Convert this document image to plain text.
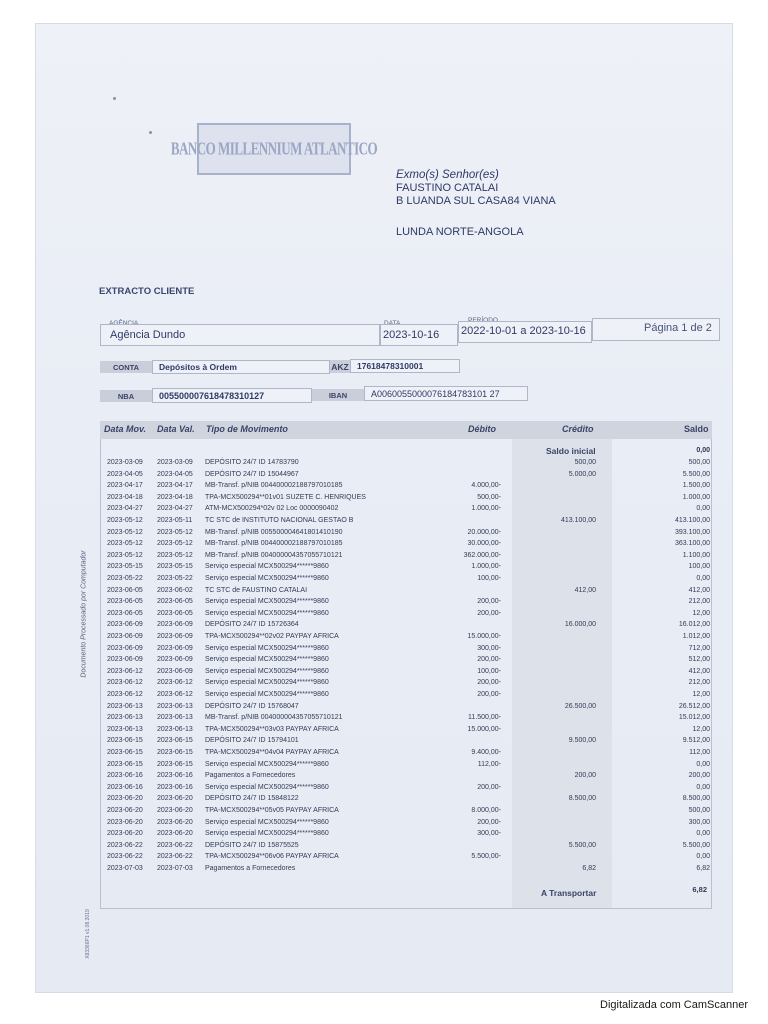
BANCO MILLENNIUM ATLANTICO
Exmo(s) Senhor(es)
FAUSTINO CATALAI
B LUANDA SUL CASA84 VIANA
LUNDA NORTE-ANGOLA
EXTRACTO CLIENTE
Agência Dundo	2023-10-16 2022-10-01 a 2023-10-16	Página 1 de 2
CONTA	Depósitos à Ordem	AKZ 17618478310001
NBA	005500007618478310127	IBAN	A0060055000076184783101 27
Data Mov. Data Val. Tipo de Movimento	Débito	Crédito	Saldo
Saldo inicial	0,00
2023-03-09 2023-03-09 DEPÓSITO 24/7 ID 14783790	500,00	500,00
2023-04-05 2023-04-05 DEPÓSITO 24/7 ID 15044967	5.000,00	5.500,00
2023-04-17 2023-04-17 MB-Transf. p/NIB 004400002188797010185	4.000,00-	1.500,00
2023-04-18 2023-04-18 TPA-MCX500294**01v01 SUZETE C. HENRIQUES	500,00-	1.000,00
2023-04-27 2023-04-27 ATM-MCX500294*02v 02 Loc 0000090402	1.000,00-	0,00
2023-05-12 2023-05-11 TC STC de INSTITUTO NACIONAL GESTAO B	413.100,00	413.100,00
2023-05-12 2023-05-12 MB-Transf. p/NIB 005500004641801410190	20.000,00-	393.100,00
2023-05-12 2023-05-12 MB-Transf. p/NIB 004400002188797010185	30.000,00-	363.100,00
2023-05-12 2023-05-12 MB-Transf. p/NIB 004000004357055710121	362.000,00-	1.100,00
2023-05-15 2023-05-15 Serviço especial MCX500294******9860	1.000,00-	100,00
2023-05-22 2023-05-22 Serviço especial MCX500294******9860	100,00-	0,00
2023-06-05 2023-06-02 TC STC de FAUSTINO CATALAI	412,00	412,00
2023-06-05 2023-06-05 Serviço especial MCX500294******9860	200,00-	212,00
2023-06-05 2023-06-05 Serviço especial MCX500294******9860	200,00-	12,00
2023-06-09 2023-06-09 DEPÓSITO 24/7 ID 15726364	16.000,00	16.012,00
2023-06-09 2023-06-09 TPA-MCX500294**02v02 PAYPAY AFRICA	15.000,00-	1.012,00
2023-06-09 2023-06-09 Serviço especial MCX500294******9860	300,00-	712,00
2023-06-09 2023-06-09 Serviço especial MCX500294******9860	200,00-	512,00
2023-06-12 2023-06-09 Serviço especial MCX500294******9860	100,00-	412,00
2023-06-12 2023-06-12 Serviço especial MCX500294******9860	200,00-	212,00
2023-06-12 2023-06-12 Serviço especial MCX500294******9860	200,00-	12,00
2023-06-13 2023-06-13 DEPÓSITO 24/7 ID 15768047	26.500,00	26.512,00
2023-06-13 2023-06-13 MB-Transf. p/NIB 004000004357055710121	11.500,00-	15.012,00
2023-06-13 2023-06-13 TPA-MCX500294**03v03 PAYPAY AFRICA	15.000,00-	12,00
2023-06-15 2023-06-15 DEPÓSITO 24/7 ID 15794101	9.500,00	9.512,00
2023-06-15 2023-06-15 TPA-MCX500294**04v04 PAYPAY AFRICA	9.400,00-	112,00
2023-06-15 2023-06-15 Serviço especial MCX500294******9860	112,00-	0,00
2023-06-16 2023-06-16 Pagamentos a Fornecedores	200,00	200,00
2023-06-16 2023-06-16 Serviço especial MCX500294******9860	200,00-	0,00
2023-06-20 2023-06-20 DEPÓSITO 24/7 ID 15848122	8.500,00	8.500,00
2023-06-20 2023-06-20 TPA-MCX500294**05v05 PAYPAY AFRICA	8.000,00-	500,00
2023-06-20 2023-06-20 Serviço especial MCX500294******9860	200,00-	300,00
2023-06-20 2023-06-20 Serviço especial MCX500294******9860	300,00-	0,00
2023-06-22 2023-06-22 DEPÓSITO 24/7 ID 15875525	5.500,00	5.500,00
2023-06-22 2023-06-22 TPA-MCX500294**06v06 PAYPAY AFRICA	5.500,00-	0,00
2023-07-03 2023-07-03 Pagamentos a Fornecedores	6,82	6,82
A Transportar	6,82
Documento Processado por Computador
X83366P1 v1.08.2019
Digitalizada com CamScanner
